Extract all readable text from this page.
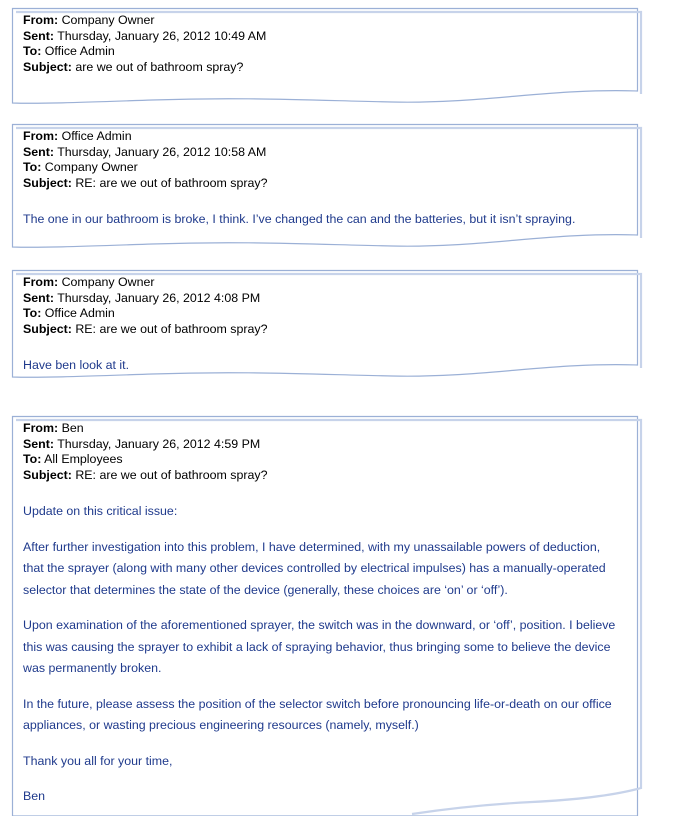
From: Company Owner
Sent: Thursday, January 26, 2012 10:49 AM
To: Office Admin
Subject: are we out of bathroom spray?
From: Office Admin
Sent: Thursday, January 26, 2012 10:58 AM
To: Company Owner
Subject: RE: are we out of bathroom spray?

The one in our bathroom is broke, I think. I’ve changed the can and the batteries, but it isn’t spraying.

From: Company Owner
Sent: Thursday, January 26, 2012 4:08 PM
To: Office Admin
Subject: RE: are we out of bathroom spray?

Have ben look at it.

From: Ben
Sent: Thursday, January 26, 2012 4:59 PM
To: All Employees
Subject: RE: are we out of bathroom spray?

Update on this critical issue:

After further investigation into this problem, I have determined, with my unassailable powers of deduction, that the sprayer (along with many other devices controlled by electrical impulses) has a manually-operated selector that determines the state of the device (generally, these choices are ‘on’ or ‘off’).

Upon examination of the aforementioned sprayer, the switch was in the downward, or ‘off’, position. I believe this was causing the sprayer to exhibit a lack of spraying behavior, thus bringing some to believe the device was permanently broken.

In the future, please assess the position of the selector switch before pronouncing life-or-death on our office appliances, or wasting precious engineering resources (namely, myself.)

Thank you all for your time,

Ben
